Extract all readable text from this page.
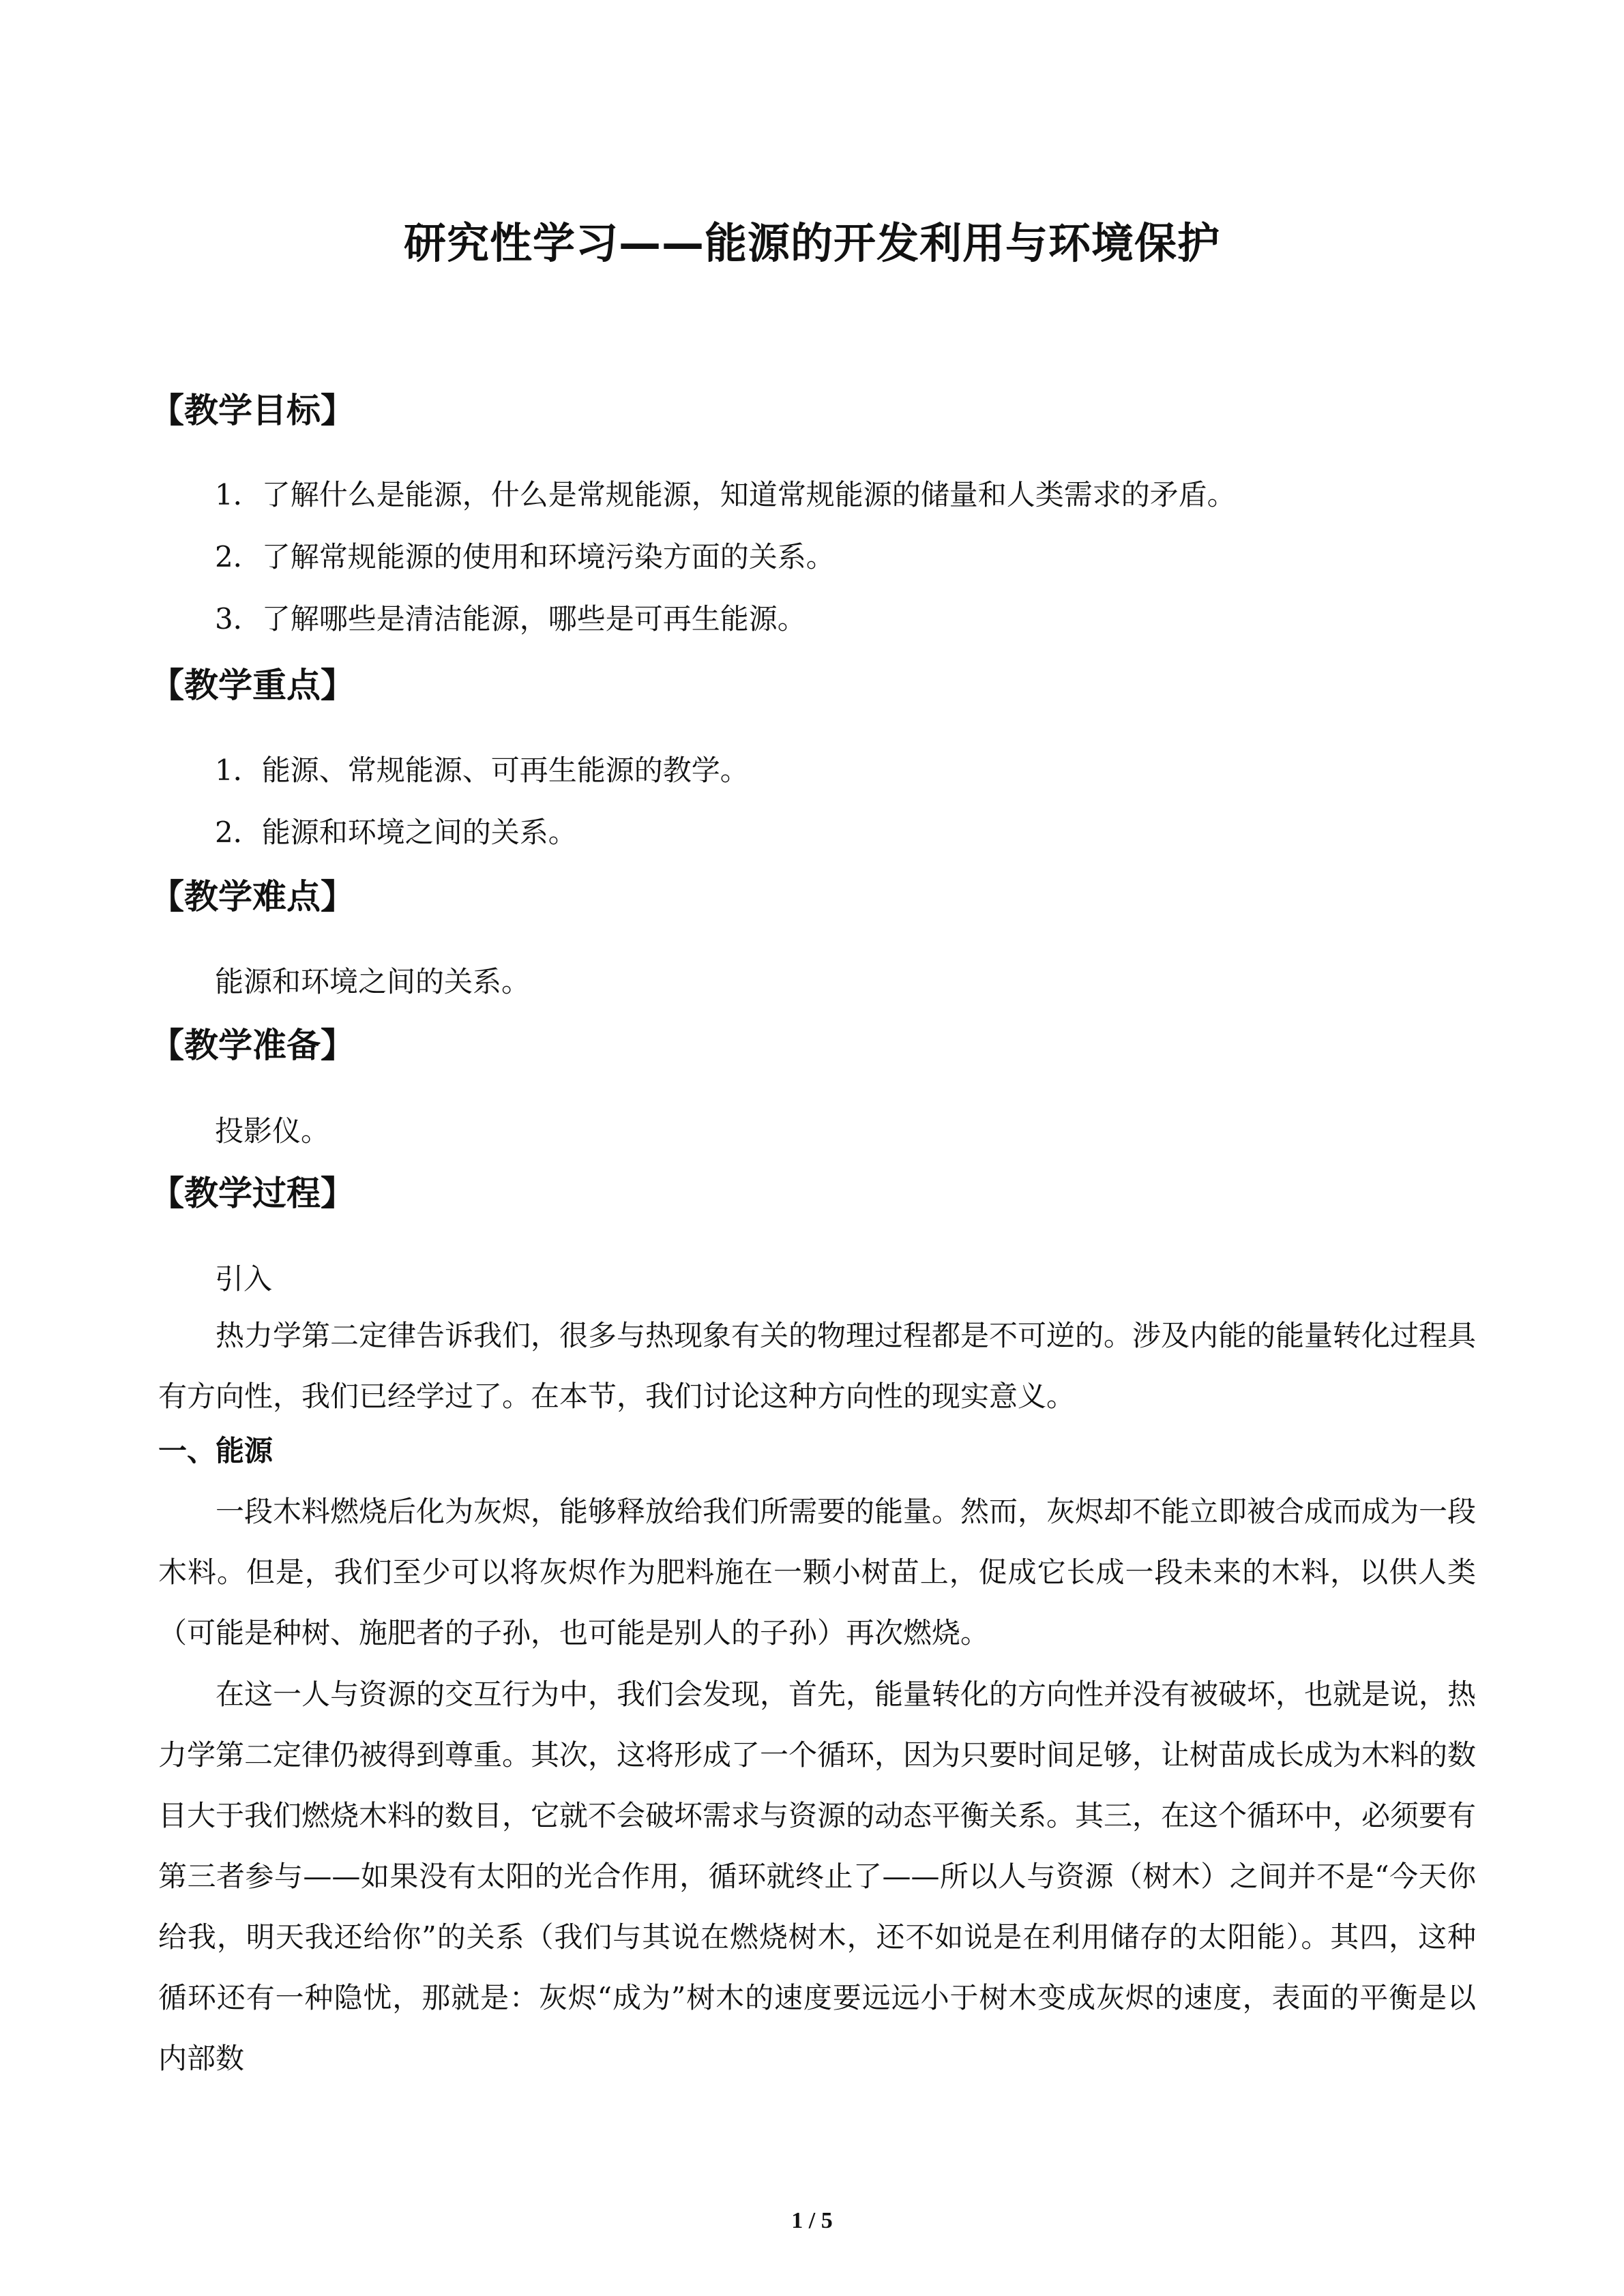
研究性学习——能源的开发利用与环境保护
【教学目标】
1．了解什么是能源，什么是常规能源，知道常规能源的储量和人类需求的矛盾。
2．了解常规能源的使用和环境污染方面的关系。
3．了解哪些是清洁能源，哪些是可再生能源。
【教学重点】
1．能源、常规能源、可再生能源的教学。
2．能源和环境之间的关系。
【教学难点】
能源和环境之间的关系。
【教学准备】
投影仪。
【教学过程】
引入
热力学第二定律告诉我们，很多与热现象有关的物理过程都是不可逆的。涉及内能的能量转化过程具有方向性，我们已经学过了。在本节，我们讨论这种方向性的现实意义。
一、能源
一段木料燃烧后化为灰烬，能够释放给我们所需要的能量。然而，灰烬却不能立即被合成而成为一段木料。但是，我们至少可以将灰烬作为肥料施在一颗小树苗上，促成它长成一段未来的木料，以供人类（可能是种树、施肥者的子孙，也可能是别人的子孙）再次燃烧。
在这一人与资源的交互行为中，我们会发现，首先，能量转化的方向性并没有被破坏，也就是说，热力学第二定律仍被得到尊重。其次，这将形成了一个循环，因为只要时间足够，让树苗成长成为木料的数目大于我们燃烧木料的数目，它就不会破坏需求与资源的动态平衡关系。其三，在这个循环中，必须要有第三者参与——如果没有太阳的光合作用，循环就终止了——所以人与资源（树木）之间并不是“今天你给我，明天我还给你”的关系（我们与其说在燃烧树木，还不如说是在利用储存的太阳能）。其四，这种循环还有一种隐忧，那就是：灰烬“成为”树木的速度要远远小于树木变成灰烬的速度，表面的平衡是以内部数
1 / 5
